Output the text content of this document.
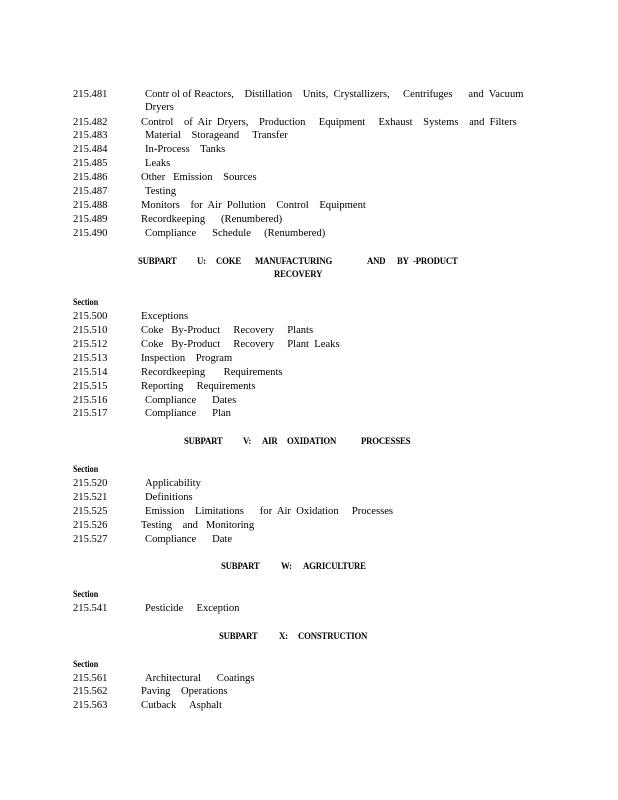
215.481	Contr ol of Reactors,    Distillation    Units,  Crystallizers,     Centrifuges      and  Vacuum
Dryers
215.482	Control    of  Air  Dryers,    Production     Equipment     Exhaust    Systems    and  Filters
215.483	Material    Storageand     Transfer
215.484	In-Process    Tanks
215.485	Leaks
215.486	Other   Emission    Sources
215.487	Testing
215.488	Monitors    for  Air  Pollution    Control    Equipment
215.489	Recordkeeping      (Renumbered)
215.490	Compliance      Schedule     (Renumbered)
SUBPART U: COKE MANUFACTURING	AND BY -PRODUCT
RECOVERY
Section
215.500	Exceptions
215.510	Coke   By-Product     Recovery     Plants
215.512	Coke   By-Product     Recovery     Plant  Leaks
215.513	Inspection    Program
215.514	Recordkeeping       Requirements
215.515	Reporting     Requirements
215.516	Compliance      Dates
215.517	Compliance      Plan
SUBPART V: AIR OXIDATION	PROCESSES
Section
215.520	Applicability
215.521	Definitions
215.525	Emission    Limitations      for  Air  Oxidation     Processes
215.526	Testing    and   Monitoring
215.527	Compliance      Date
SUBPART W: AGRICULTURE
Section
215.541	Pesticide     Exception
SUBPART X: CONSTRUCTION
Section
215.561	Architectural      Coatings
215.562	Paving    Operations
215.563	Cutback     Asphalt
